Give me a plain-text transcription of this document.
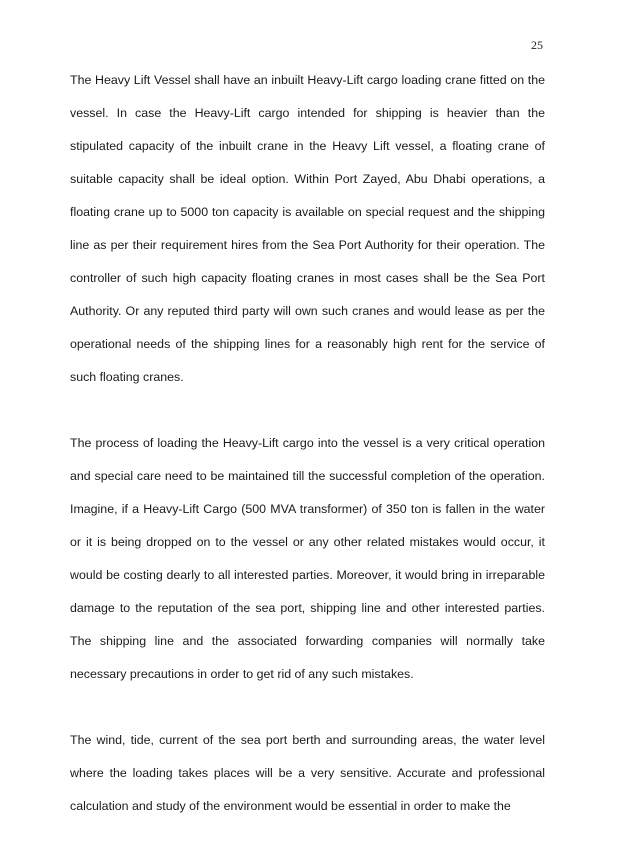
25

The Heavy Lift Vessel shall have an inbuilt Heavy-Lift cargo loading crane fitted on the vessel. In case the Heavy-Lift cargo intended for shipping is heavier than the stipulated capacity of the inbuilt crane in the Heavy Lift vessel, a floating crane of suitable capacity shall be ideal option. Within Port Zayed, Abu Dhabi operations, a floating crane up to 5000 ton capacity is available on special request and the shipping line as per their requirement hires from the Sea Port Authority for their operation. The controller of such high capacity floating cranes in most cases shall be the Sea Port Authority. Or any reputed third party will own such cranes and would lease as per the operational needs of the shipping lines for a reasonably high rent for the service of such floating cranes.

The process of loading the Heavy-Lift cargo into the vessel is a very critical operation and special care need to be maintained till the successful completion of the operation. Imagine, if a Heavy-Lift Cargo (500 MVA transformer) of 350 ton is fallen in the water or it is being dropped on to the vessel or any other related mistakes would occur, it would be costing dearly to all interested parties. Moreover, it would bring in irreparable damage to the reputation of the sea port, shipping line and other interested parties. The shipping line and the associated forwarding companies will normally take necessary precautions in order to get rid of any such mistakes.

The wind, tide, current of the sea port berth and surrounding areas, the water level where the loading takes places will be a very sensitive. Accurate and professional calculation and study of the environment would be essential in order to make the
